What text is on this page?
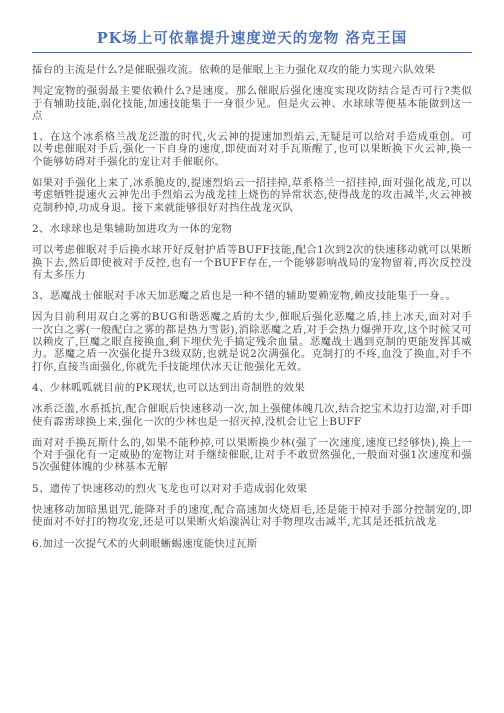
PK场上可依靠提升速度逆天的宠物 洛克王国

擂台的主流是什么?是催眠强攻流。依赖的是催眠上主力强化双攻的能力实现六队效果

判定宠物的强弱最主要依赖什么?是速度。那么催眠后强化速度实现攻防结合是否可行?类似于有辅助技能,弱化技能,加速技能集于一身很少见。但是火云神、水球球等便基本能做到这一点

1、在这个冰系格兰战龙泛滥的时代,火云神的提速加烈焰云,无疑是可以给对手造成重创。可以考虑催眠对手后,强化一下自身的速度,即使面对对手瓦斯醒了,也可以果断换下火云神,换一个能够妨碍对手强化的宠让对手催眠你。

如果对手强化上来了,冰系脆皮的,提速烈焰云一招挂掉,草系格兰一招挂掉,面对强化战龙,可以考虑牺牲提速火云神先出手烈焰云为战龙挂上烧伤的异常状态,使得战龙的攻击减半,火云神被克制秒掉,功成身退。接下来就能够很好对挡住战龙灭队

2、水球球也是集辅助加进攻为一体的宠物

可以考虑催眠对手后换水球开好反射护盾等BUFF技能,配合1次到2次的快速移动就可以果断换下去,然后即使被对手反控,也有一个BUFF存在,一个能够影响战局的宠物留着,再次反控没有太多压力

3、恶魔战士催眠对手冰天加恶魔之盾也是一种不错的辅助要赖宠物,赖皮技能集于一身。。

因为目前利用双白之雾的BUG和谐恶魔之盾的太少,催眠后强化恶魔之盾,挂上冰天,面对对手一次白之雾(一般配白之雾的都是热力雪影),消除恶魔之盾,对手会热力爆弹开攻,这个时候又可以赖皮了,巨魔之眼直接换血,剩下埋伏先手搞定残余血量。恶魔战士遇到克制的更能发挥其威力。恶魔之盾一次强化提升3级双防,也就是说2次满强化。克制打的不疼,血没了换血,对手不打你,直接当面强化,你就先手技能埋伏冰天让他强化无效。

4、少林呱呱就目前的PK现状,也可以达到出奇制胜的效果

冰系泛滥,水系抵抗,配合催眠后快速移动一次,加上强健体魄几次,结合挖宝术边打边溜,对手即使有霹雳球换上来,强化一次的少林也是一招灭掉,没机会让它上BUFF

面对对手换瓦斯什么的,如果不能秒掉,可以果断换少林(强了一次速度,速度已经够快),换上一个对手强化有一定威胁的宠物让对手继续催眠,让对手不敢贸然强化,一般面对强1次速度和强5次强健体魄的少林基本无解

5、遗传了快速移动的烈火飞龙也可以对对手造成弱化效果

快速移动加暗黑诅咒,能降对手的速度,配合高速加火烧眉毛,还是能干掉对手部分控制宠的,即使面对不好打的物攻宠,还是可以果断火焰漩涡让对手物理攻击减半,尤其是还抵抗战龙

6.加过一次提气术的火刺眼蜥蜴速度能快过瓦斯
